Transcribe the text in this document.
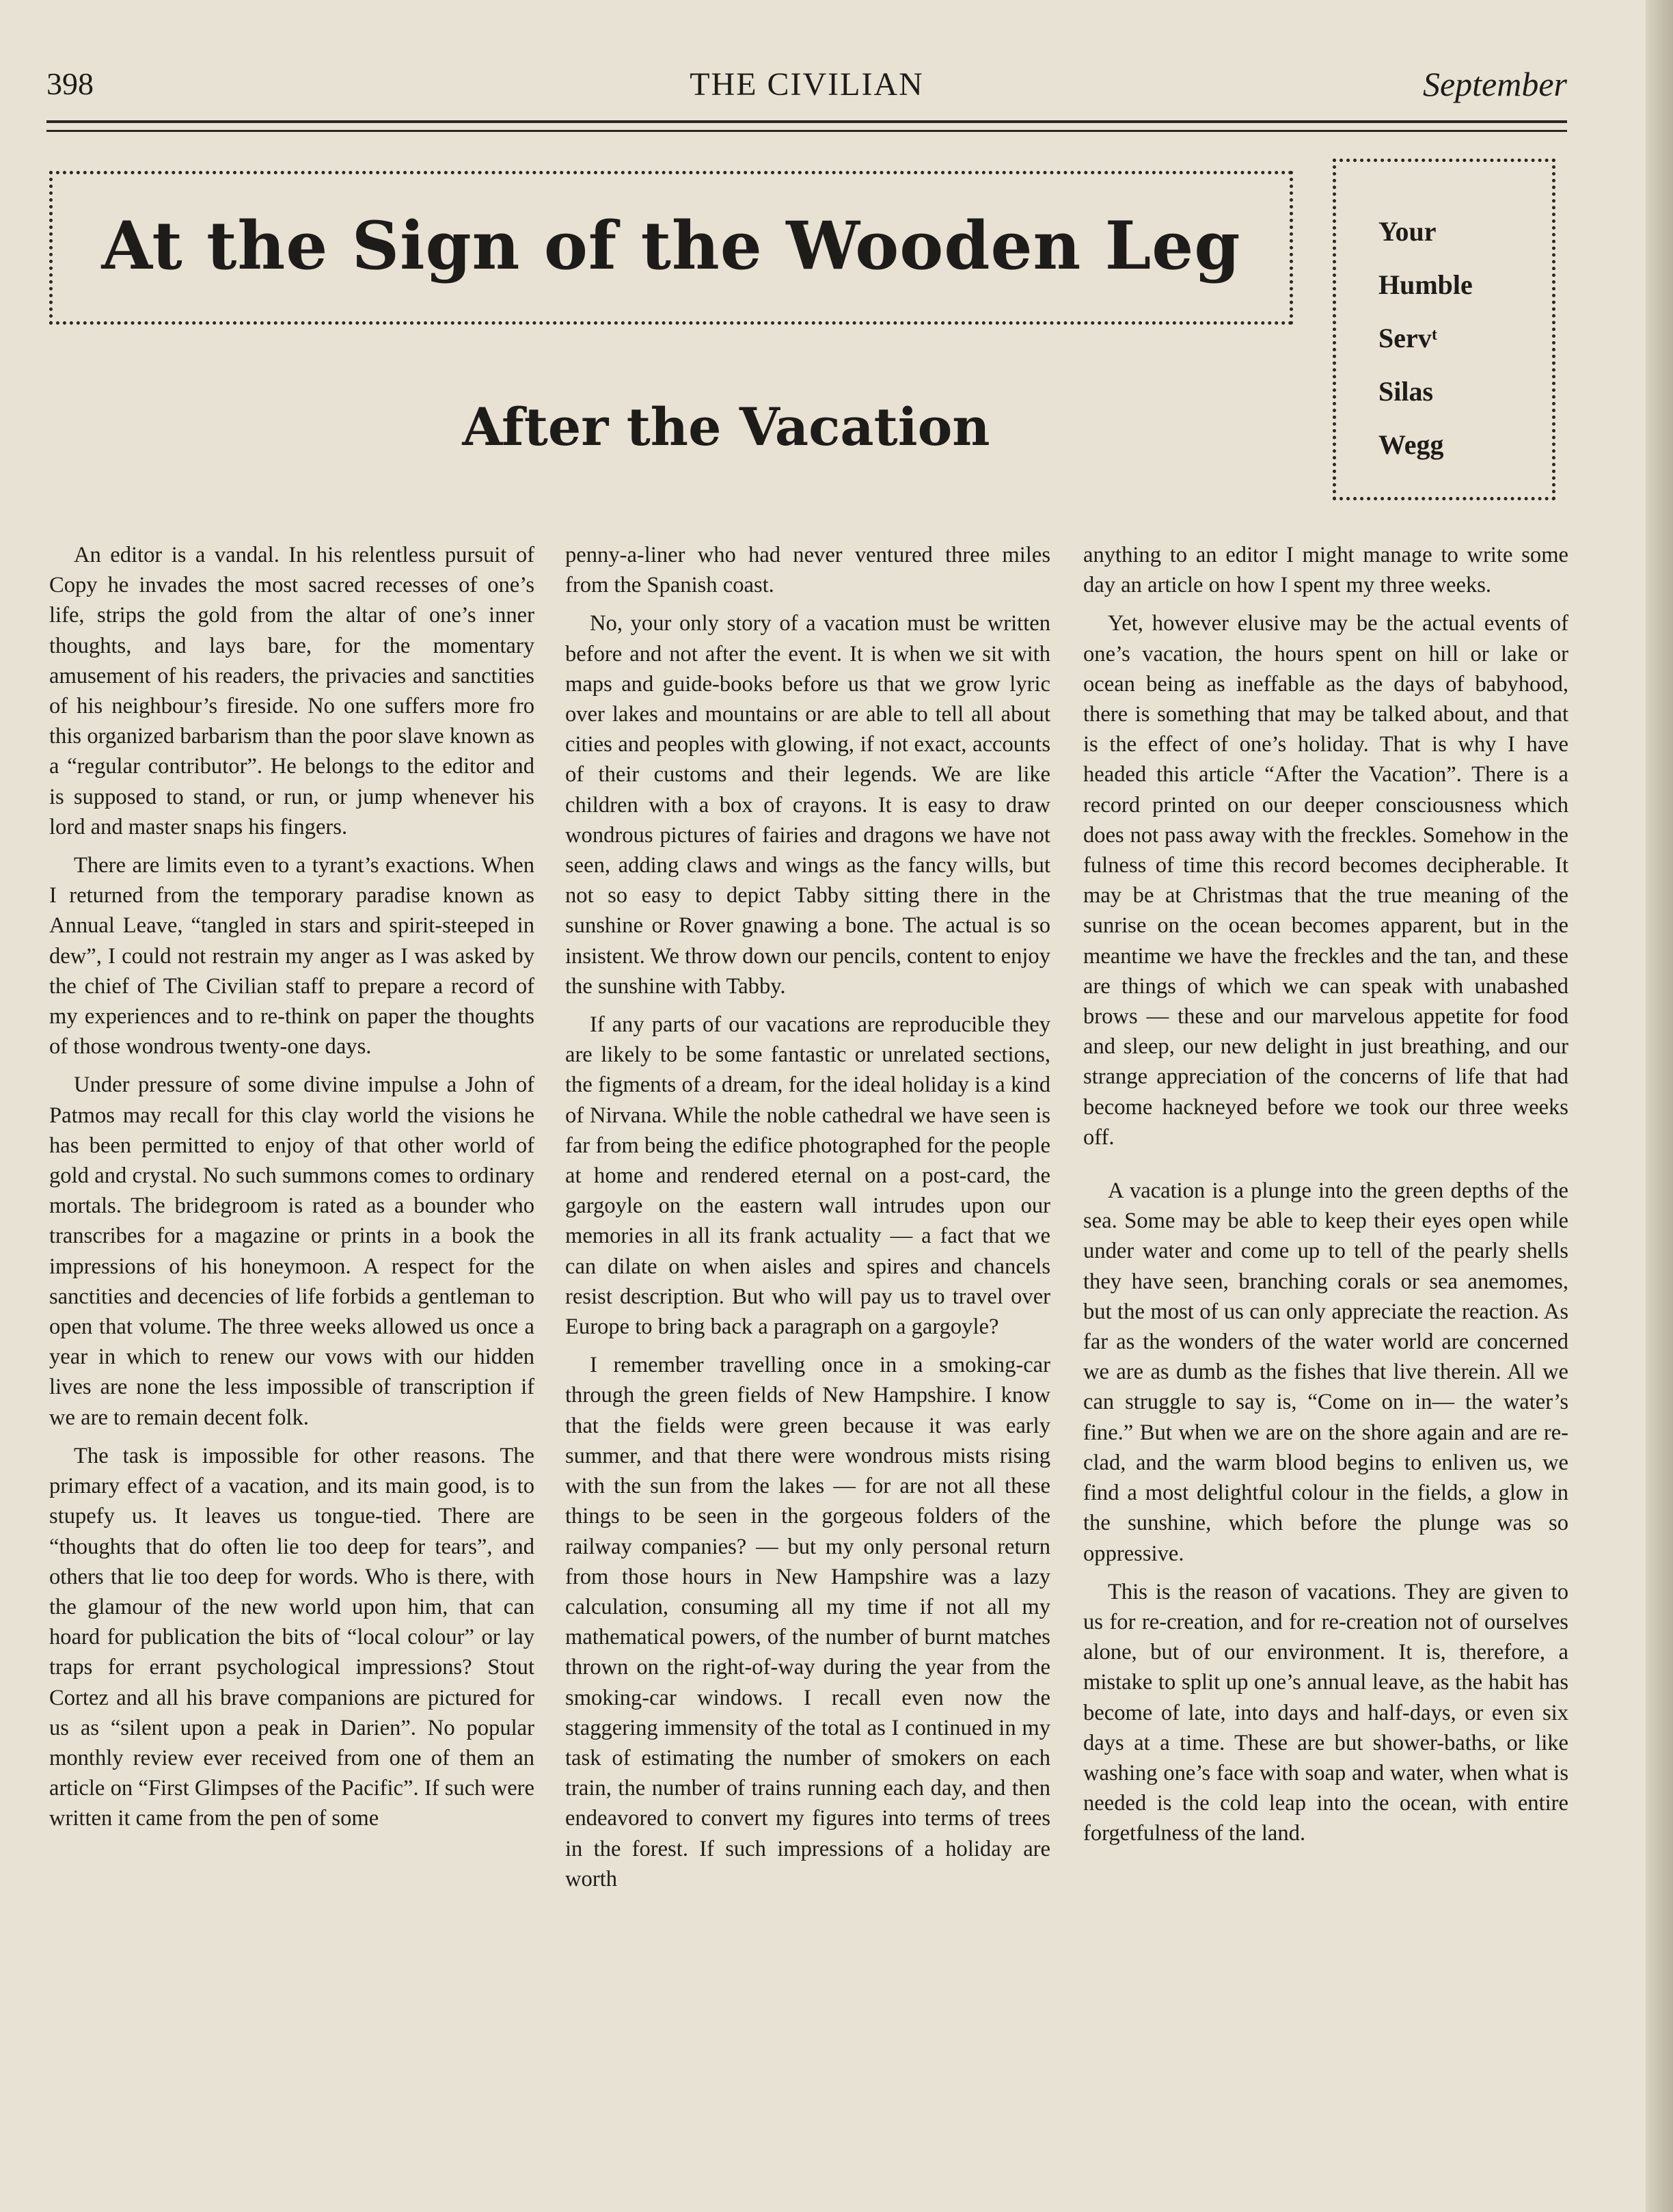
398	THE CIVILIAN	September
At the Sign of the Wooden Leg	Your
Humble
Servᵗ
Silas
Wegg
After the Vacation

An editor is a vandal. In his relentless pursuit of Copy he invades the most sacred recesses of one’s life, strips the gold from the altar of one’s inner thoughts, and lays bare, for the momentary amusement of his readers, the privacies and sanctities of his neighbour’s fireside. No one suffers more fro this organized barbarism than the poor slave known as a “regular contributor”. He belongs to the editor and is supposed to stand, or run, or jump whenever his lord and master snaps his fingers.

There are limits even to a tyrant’s exactions. When I returned from the temporary paradise known as Annual Leave, “tangled in stars and spirit-steeped in dew”, I could not restrain my anger as I was asked by the chief of The Civilian staff to prepare a record of my experiences and to re-think on paper the thoughts of those wondrous twenty-one days.

Under pressure of some divine impulse a John of Patmos may recall for this clay world the visions he has been permitted to enjoy of that other world of gold and crystal. No such summons comes to ordinary mortals. The bridegroom is rated as a bounder who transcribes for a magazine or prints in a book the impressions of his honeymoon. A respect for the sanctities and decencies of life forbids a gentleman to open that volume. The three weeks allowed us once a year in which to renew our vows with our hidden lives are none the less impossible of transcription if we are to remain decent folk.

The task is impossible for other reasons. The primary effect of a vacation, and its main good, is to stupefy us. It leaves us tongue-tied. There are “thoughts that do often lie too deep for tears”, and others that lie too deep for words. Who is there, with the glamour of the new world upon him, that can hoard for publication the bits of “local colour” or lay traps for errant psychological impressions? Stout Cortez and all his brave companions are pictured for us as “silent upon a peak in Darien”. No popular monthly review ever received from one of them an article on “First Glimpses of the Pacific”. If such were written it came from the pen of some

penny-a-liner who had never ventured three miles from the Spanish coast.

No, your only story of a vacation must be written before and not after the event. It is when we sit with maps and guide-books before us that we grow lyric over lakes and mountains or are able to tell all about cities and peoples with glowing, if not exact, accounts of their customs and their legends. We are like children with a box of crayons. It is easy to draw wondrous pictures of fairies and dragons we have not seen, adding claws and wings as the fancy wills, but not so easy to depict Tabby sitting there in the sunshine or Rover gnawing a bone. The actual is so insistent. We throw down our pencils, content to enjoy the sunshine with Tabby.

If any parts of our vacations are reproducible they are likely to be some fantastic or unrelated sections, the figments of a dream, for the ideal holiday is a kind of Nirvana. While the noble cathedral we have seen is far from being the edifice photographed for the people at home and rendered eternal on a post-card, the gargoyle on the eastern wall intrudes upon our memories in all its frank actuality — a fact that we can dilate on when aisles and spires and chancels resist description. But who will pay us to travel over Europe to bring back a paragraph on a gargoyle?

I remember travelling once in a smoking-car through the green fields of New Hampshire. I know that the fields were green because it was early summer, and that there were wondrous mists rising with the sun from the lakes — for are not all these things to be seen in the gorgeous folders of the railway companies? — but my only personal return from those hours in New Hampshire was a lazy calculation, consuming all my time if not all my mathematical powers, of the number of burnt matches thrown on the right-of-way during the year from the smoking-car windows. I recall even now the staggering immensity of the total as I continued in my task of estimating the number of smokers on each train, the number of trains running each day, and then endeavored to convert my figures into terms of trees in the forest. If such impressions of a holiday are worth

anything to an editor I might manage to write some day an article on how I spent my three weeks.

Yet, however elusive may be the actual events of one’s vacation, the hours spent on hill or lake or ocean being as ineffable as the days of babyhood, there is something that may be talked about, and that is the effect of one’s holiday. That is why I have headed this article “After the Vacation”. There is a record printed on our deeper consciousness which does not pass away with the freckles. Somehow in the fulness of time this record becomes decipherable. It may be at Christmas that the true meaning of the sunrise on the ocean becomes apparent, but in the meantime we have the freckles and the tan, and these are things of which we can speak with unabashed brows — these and our marvelous appetite for food and sleep, our new delight in just breathing, and our strange appreciation of the concerns of life that had become hackneyed before we took our three weeks off.

A vacation is a plunge into the green depths of the sea. Some may be able to keep their eyes open while under water and come up to tell of the pearly shells they have seen, branching corals or sea anemomes, but the most of us can only appreciate the reaction. As far as the wonders of the water world are concerned we are as dumb as the fishes that live therein. All we can struggle to say is, “Come on in— the water’s fine.” But when we are on the shore again and are re-clad, and the warm blood begins to enliven us, we find a most delightful colour in the fields, a glow in the sunshine, which before the plunge was so oppressive.

This is the reason of vacations. They are given to us for re-creation, and for re-creation not of ourselves alone, but of our environment. It is, therefore, a mistake to split up one’s annual leave, as the habit has become of late, into days and half-days, or even six days at a time. These are but shower-baths, or like washing one’s face with soap and water, when what is needed is the cold leap into the ocean, with entire forgetfulness of the land.
